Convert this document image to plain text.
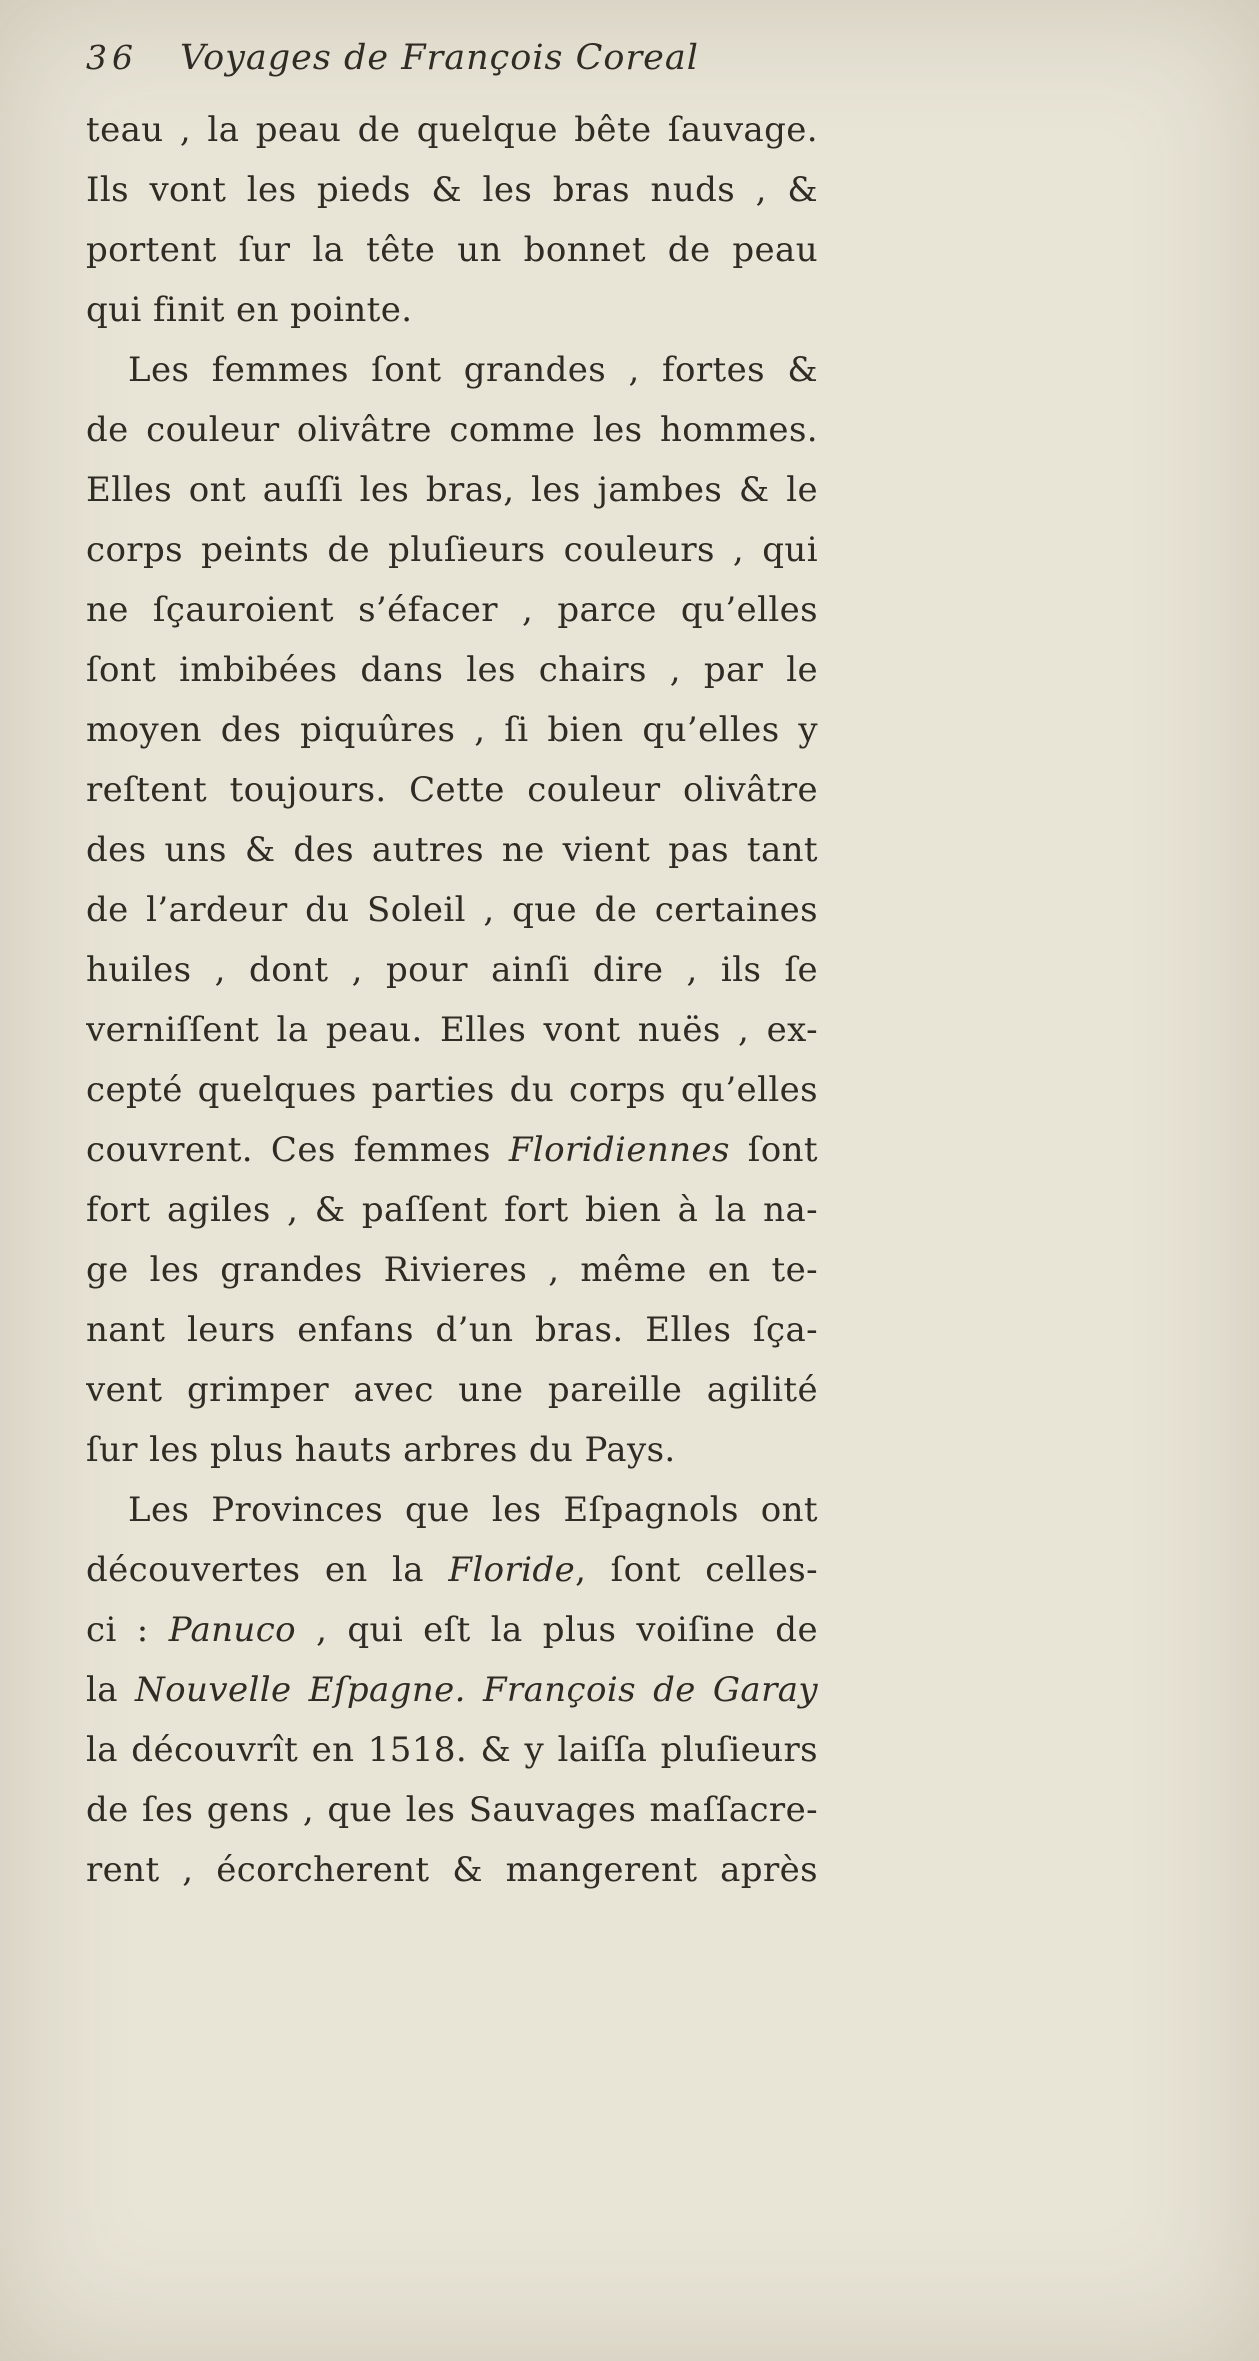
36 Voyages de François Coreal
teau , la peau de quelque bête ſauvage.
Ils vont les pieds & les bras nuds , &
portent ſur la tête un bonnet de peau
qui finit en pointe.
Les femmes ſont grandes , fortes &
de couleur olivâtre comme les hommes.
Elles ont auſſi les bras, les jambes & le
corps peints de pluſieurs couleurs , qui
ne ſçauroient s’éfacer , parce qu’elles
ſont imbibées dans les chairs , par le
moyen des piquûres , ſi bien qu’elles y
reſtent toujours. Cette couleur olivâtre
des uns & des autres ne vient pas tant
de l’ardeur du Soleil , que de certaines
huiles , dont , pour ainſi dire , ils ſe
verniſſent la peau. Elles vont nuës , ex-
cepté quelques parties du corps qu’elles
couvrent. Ces femmes Floridiennes ſont
fort agiles , & paſſent fort bien à la na-
ge les grandes Rivieres , même en te-
nant leurs enfans d’un bras. Elles ſça-
vent grimper avec une pareille agilité
ſur les plus hauts arbres du Pays.
Les Provinces que les Eſpagnols ont
découvertes en la Floride, ſont celles-
ci : Panuco , qui eſt la plus voiſine de
la Nouvelle Eſpagne. François de Garay
la découvrît en 1518. & y laiſſa pluſieurs
de ſes gens , que les Sauvages maſſacre-
rent , écorcherent & mangerent après
